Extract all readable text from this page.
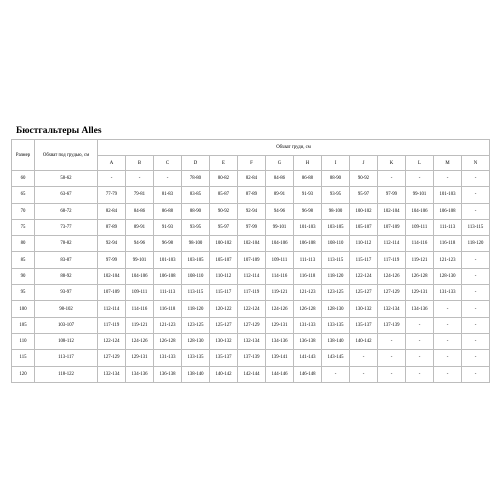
Бюстгальтеры Alles
Размер	Обхват под грудью, см	Обхват груди, см													
		A	B	C	D	E	F	G	H	I	J	K	L	M	N
60	58-62	-	-	-	78-80	80-82	82-84	84-86	86-88	88-90	90-92	-	-	-	-
65	63-67	77-79	79-81	81-83	83-85	85-87	87-89	89-91	91-93	93-95	95-97	97-99	99-101	101-103	-
70	68-72	82-84	84-86	86-88	88-90	90-92	92-94	94-96	96-98	98-100	100-102	102-104	104-106	106-108	-
75	73-77	87-89	89-91	91-93	93-95	95-97	97-99	99-101	101-103	103-105	105-107	107-109	109-111	111-113	113-115
80	78-82	92-94	94-96	96-98	98-100	100-102	102-104	104-106	106-108	108-110	110-112	112-114	114-116	116-118	118-120
85	83-87	97-99	99-101	101-103	103-105	105-107	107-109	109-111	111-113	113-115	115-117	117-119	119-121	121-123	-
90	88-92	102-104	104-106	106-108	108-110	110-112	112-114	114-116	116-118	118-120	122-124	124-126	126-128	128-130	-
95	93-97	107-109	109-111	111-113	113-115	115-117	117-119	119-121	121-123	123-125	125-127	127-129	129-131	131-133	-
100	98-102	112-114	114-116	116-118	118-120	120-122	122-124	124-126	126-128	128-130	130-132	132-134	134-136	-	-
105	103-107	117-119	119-121	121-123	123-125	125-127	127-129	129-131	131-133	133-135	135-137	137-139	-	-	-
110	108-112	122-124	124-126	126-128	128-130	130-132	132-134	134-136	136-138	138-140	140-142	-	-	-	-
115	113-117	127-129	129-131	131-133	133-135	135-137	137-139	139-141	141-143	143-145	-	-	-	-	-
120	118-122	132-134	134-136	136-138	138-140	140-142	142-144	144-146	146-148	-	-	-	-	-	-
